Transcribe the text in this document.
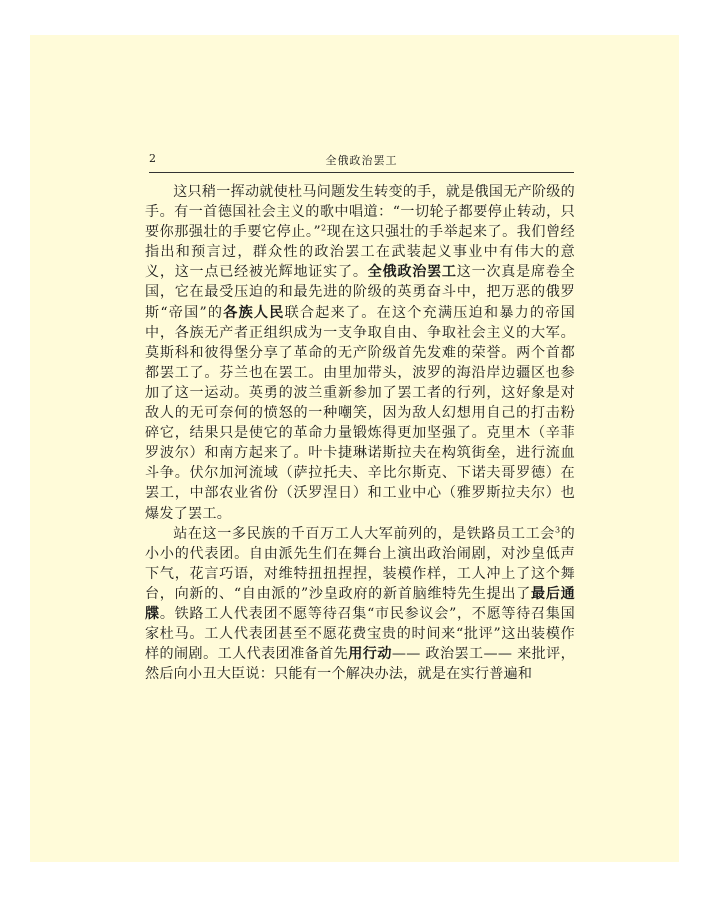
2	全俄政治罢工

这只稍一挥动就使杜马问题发生转变的手，就是俄国无产阶级的手。有一首德国社会主义的歌中唱道：“一切轮子都要停止转动，只要你那强壮的手要它停止。”$^2$现在这只强壮的手举起来了。我们曾经指出和预言过，群众性的政治罢工在武装起义事业中有伟大的意义，这一点已经被光辉地证实了。全俄政治罢工这一次真是席卷全国，它在最受压迫的和最先进的阶级的英勇奋斗中，把万恶的俄罗斯“帝国”的各族人民联合起来了。在这个充满压迫和暴力的帝国中，各族无产者正组织成为一支争取自由、争取社会主义的大军。莫斯科和彼得堡分享了革命的无产阶级首先发难的荣誉。两个首都都罢工了。芬兰也在罢工。由里加带头，波罗的海沿岸边疆区也参加了这一运动。英勇的波兰重新参加了罢工者的行列，这好象是对敌人的无可奈何的愤怒的一种嘲笑，因为敌人幻想用自己的打击粉碎它，结果只是使它的革命力量锻炼得更加坚强了。克里木（辛菲罗波尔）和南方起来了。叶卡捷琳诺斯拉夫在构筑街垒，进行流血斗争。伏尔加河流域（萨拉托夫、辛比尔斯克、下诺夫哥罗德）在罢工，中部农业省份（沃罗涅日）和工业中心（雅罗斯拉夫尔）也爆发了罢工。

站在这一多民族的千百万工人大军前列的，是铁路员工工会$^3$的小小的代表团。自由派先生们在舞台上演出政治闹剧，对沙皇低声下气，花言巧语，对维特扭扭捏捏，装模作样，工人冲上了这个舞台，向新的、“自由派的”沙皇政府的新首脑维特先生提出了最后通牒。铁路工人代表团不愿等待召集“市民参议会”，不愿等待召集国家杜马。工人代表团甚至不愿花费宝贵的时间来“批评”这出装模作样的闹剧。工人代表团准备首先用行动—— 政治罢工—— 来批评，然后向小丑大臣说：只能有一个解决办法，就是在实行普遍和
